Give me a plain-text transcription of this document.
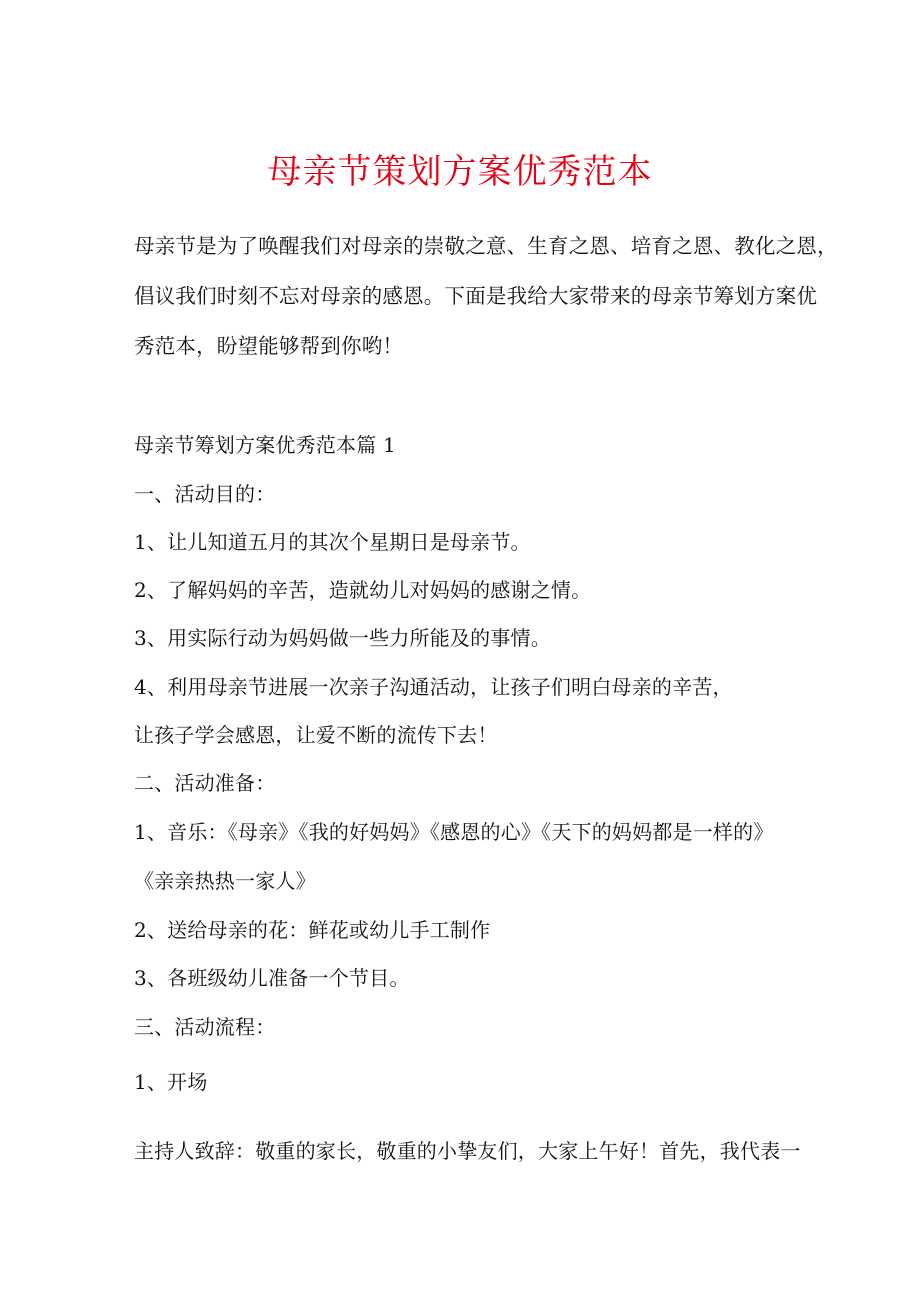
母亲节策划方案优秀范本
母亲节是为了唤醒我们对母亲的崇敬之意、生育之恩、培育之恩、教化之恩，
倡议我们时刻不忘对母亲的感恩。下面是我给大家带来的母亲节筹划方案优
秀范本，盼望能够帮到你哟！
母亲节筹划方案优秀范本篇 1
一、活动目的：
1、让儿知道五月的其次个星期日是母亲节。
2、了解妈妈的辛苦，造就幼儿对妈妈的感谢之情。
3、用实际行动为妈妈做一些力所能及的事情。
4、利用母亲节进展一次亲子沟通活动，让孩子们明白母亲的辛苦，
让孩子学会感恩，让爱不断的流传下去！
二、活动准备：
1、音乐：《母亲》《我的好妈妈》《感恩的心》《天下的妈妈都是一样的》
《亲亲热热一家人》
2、送给母亲的花：鲜花或幼儿手工制作
3、各班级幼儿准备一个节目。
三、活动流程：
1、开场
主持人致辞：敬重的家长，敬重的小挚友们，大家上午好！首先，我代表一
